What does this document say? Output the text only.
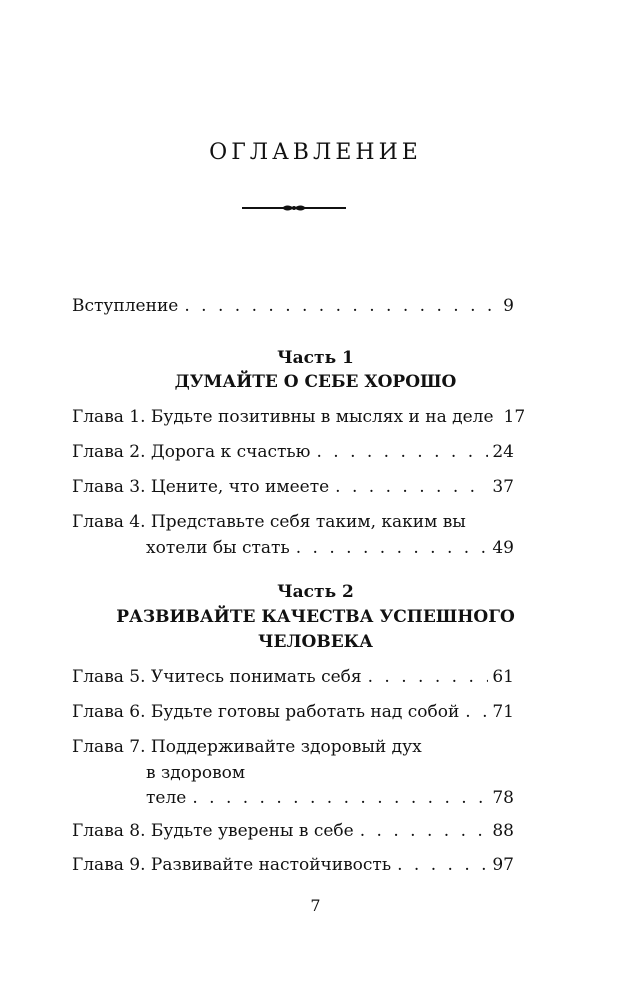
ОГЛАВЛЕНИЕ
Вступление . . .	9
Часть 1
ДУМАЙТЕ О СЕБЕ ХОРОШО
Глава 1. Будьте позитивны в мыслях и на деле 17
Глава 2. Дорога к счастью . . .	24
Глава 3. Цените, что имеете . . .	37
Глава 4. Представьте себя таким, каким вы
хотели бы стать . . .	49
Часть 2
РАЗВИВАЙТЕ КАЧЕСТВА УСПЕШНОГО
ЧЕЛОВЕКА
Глава 5. Учитесь понимать себя . . .	61
Глава 6. Будьте готовы работать над собой . . . 71
Глава 7. Поддерживайте здоровый дух
в здоровом
теле . . .	78
Глава 8. Будьте уверены в себе . . .	88
Глава 9. Развивайте настойчивость . . .	97
7
